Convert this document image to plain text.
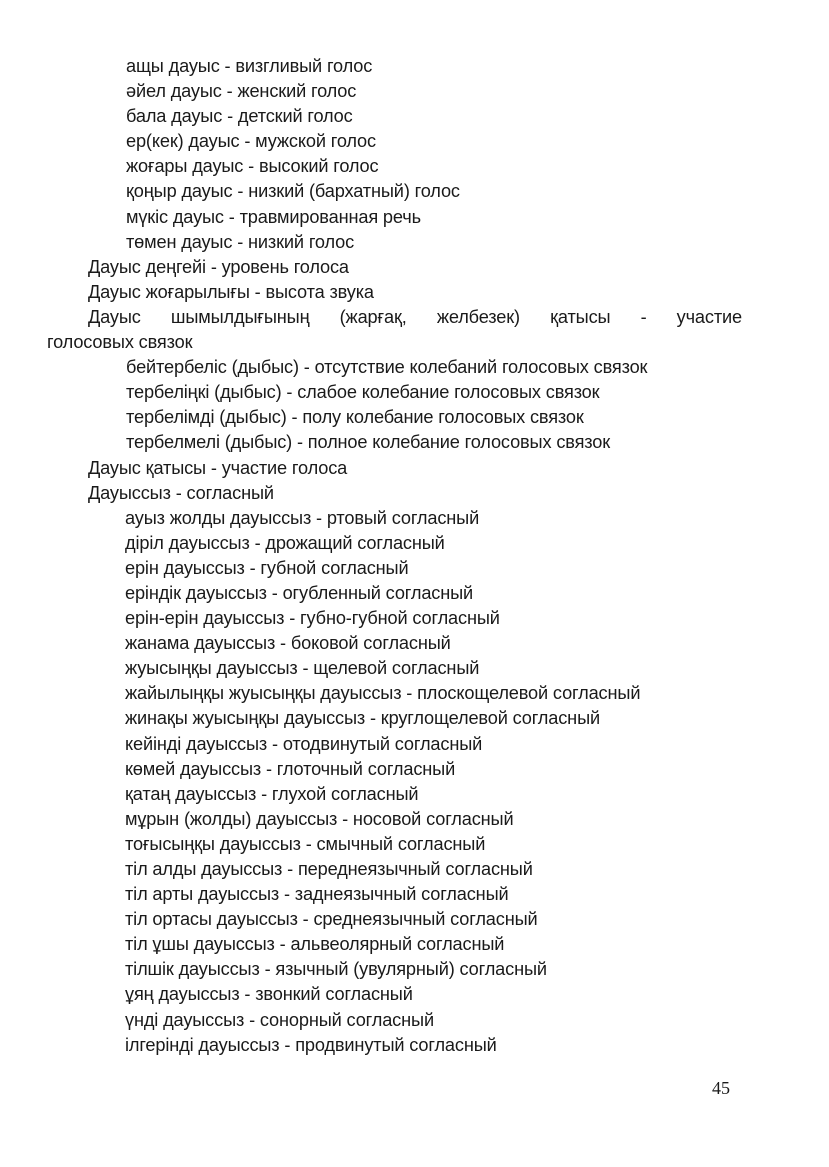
ащы дауыс - визгливый голос
әйел дауыс - женский голос
бала дауыс - детский голос
ер(кек) дауыс - мужской голос
жоғары дауыс - высокий голос
қоңыр дауыс - низкий (бархатный) голос
мүкіс дауыс - травмированная речь
төмен дауыс - низкий голос
Дауыс деңгейі - уровень голоса
Дауыс жоғарылығы - высота звука
Дауыс шымылдығының (жарғақ, желбезек) қатысы - участие
голосовых связок
бейтербеліс (дыбыс) - отсутствие колебаний голосовых связок
тербеліңкі (дыбыс) - слабое колебание голосовых связок
тербелімді (дыбыс) - полу колебание голосовых связок
тербелмелі (дыбыс) - полное колебание голосовых связок
Дауыс қатысы - участие голоса
Дауыссыз - согласный
ауыз жолды дауыссыз - ртовый согласный
діріл дауыссыз - дрожащий согласный
ерін дауыссыз - губной согласный
еріндік дауыссыз - огубленный согласный
ерін-ерін дауыссыз - губно-губной согласный
жанама дауыссыз - боковой согласный
жуысыңқы дауыссыз - щелевой согласный
жайылыңқы жуысыңқы дауыссыз - плоскощелевой согласный
жинақы жуысыңқы дауыссыз - круглощелевой согласный
кейінді дауыссыз - отодвинутый согласный
көмей дауыссыз - глоточный согласный
қатаң дауыссыз - глухой согласный
мұрын (жолды) дауыссыз - носовой согласный
тоғысыңқы дауыссыз - смычный согласный
тіл алды дауыссыз - переднеязычный согласный
тіл арты дауыссыз - заднеязычный согласный
тіл ортасы дауыссыз - среднеязычный согласный
тіл ұшы дауыссыз - альвеолярный согласный
тілшік дауыссыз - язычный (увулярный) согласный
ұяң дауыссыз - звонкий согласный
үнді дауыссыз - сонорный согласный
ілгерінді дауыссыз - продвинутый согласный
45
